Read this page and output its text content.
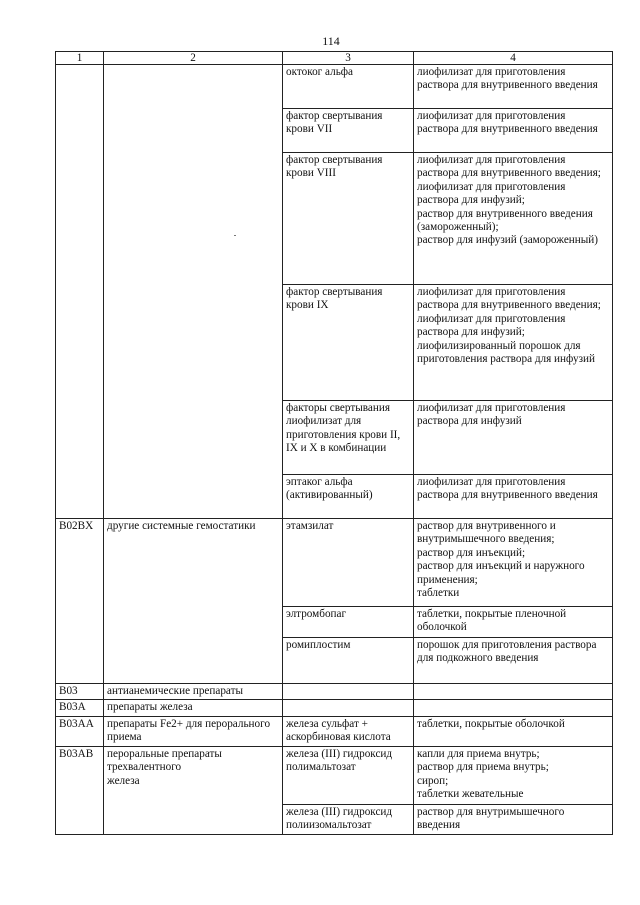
114
1	2	3	4
		октоког альфа	лиофилизат для приготовления раствора для внутривенного введения
		фактор свертывания крови VII	лиофилизат для приготовления раствора для внутривенного введения
		фактор свертывания крови VIII	лиофилизат для приготовления раствора для внутривенного введения;
лиофилизат для приготовления раствора для инфузий;
раствор для внутривенного введения (замороженный);
раствор для инфузий (замороженный)
		фактор свертывания крови IX	лиофилизат для приготовления раствора для внутривенного введения;
лиофилизат для приготовления раствора для инфузий;
лиофилизированный порошок для приготовления раствора для инфузий
		факторы свертывания лиофилизат для приготовления крови II, IX и X в комбинации	лиофилизат для приготовления раствора для инфузий
		эптаког альфа (активированный)	лиофилизат для приготовления раствора для внутривенного введения
B02BX	другие системные гемостатики	этамзилат	раствор для внутривенного и внутримышечного введения;
раствор для инъекций;
раствор для инъекций и наружного применения;
таблетки
		элтромбопаг	таблетки, покрытые пленочной оболочкой
		ромиплостим	порошок для приготовления раствора для подкожного введения
B03	антианемические препараты		
B03A	препараты железа		
B03AA	препараты Fe2+ для перорального приема	железа сульфат + аскорбиновая кислота	таблетки, покрытые оболочкой
B03AB	пероральные препараты трехвалентного
железа	железа (III) гидроксид полимальтозат	капли для приема внутрь;
раствор для приема внутрь;
сироп;
таблетки жевательные
		железа (III) гидроксид полиизомальтозат	раствор для внутримышечного введения
